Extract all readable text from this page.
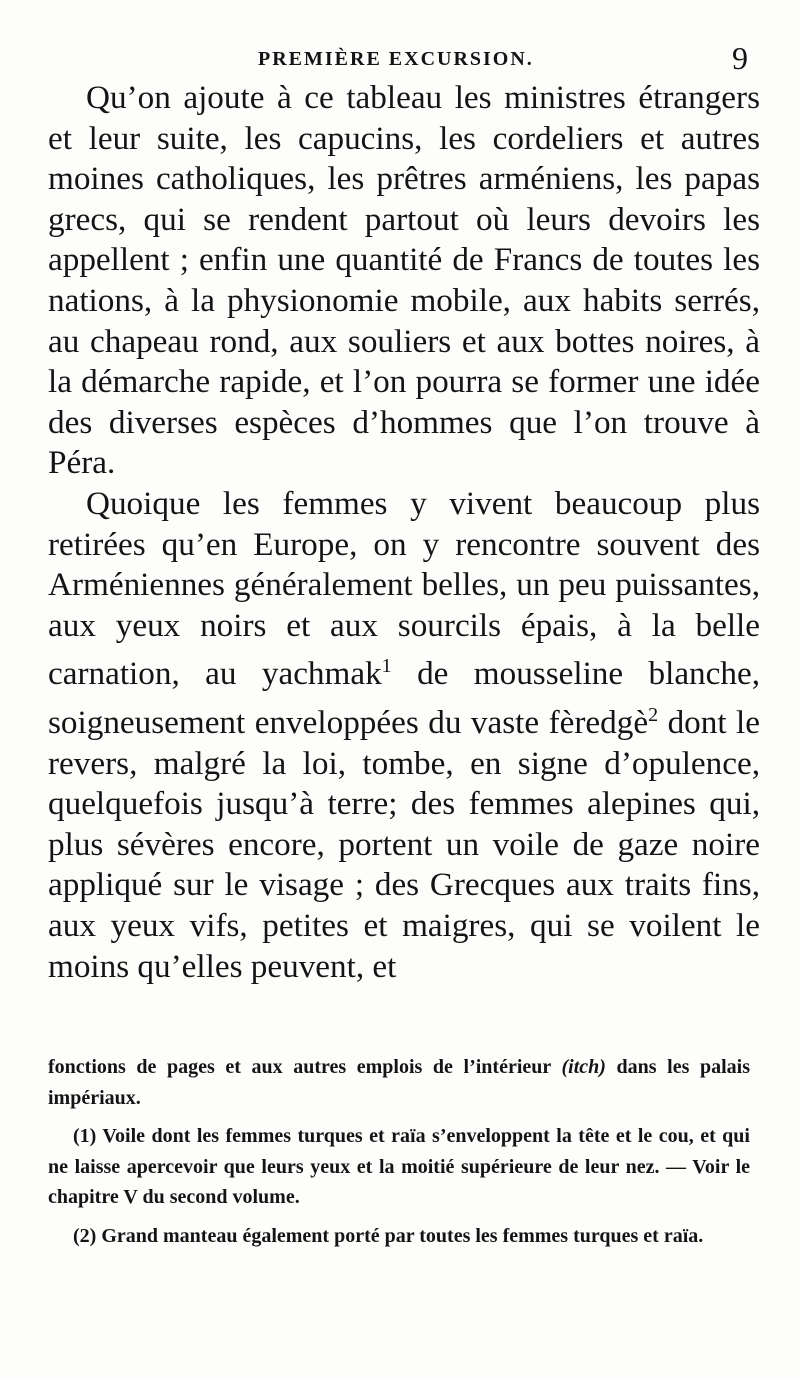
PREMIÈRE EXCURSION.	9

Qu’on ajoute à ce tableau les ministres étrangers et leur suite, les capucins, les cordeliers et autres moines catholiques, les prêtres arméniens, les papas grecs, qui se rendent partout où leurs devoirs les appellent ; enfin une quantité de Francs de toutes les nations, à la physionomie mobile, aux habits serrés, au chapeau rond, aux souliers et aux bottes noires, à la démarche rapide, et l’on pourra se former une idée des diverses espèces d’hommes que l’on trouve à Péra.

Quoique les femmes y vivent beaucoup plus retirées qu’en Europe, on y rencontre souvent des Arméniennes généralement belles, un peu puissantes, aux yeux noirs et aux sourcils épais, à la belle carnation, au yachmak$^1$ de mousseline blanche, soigneusement enveloppées du vaste fèredgè$^2$ dont le revers, malgré la loi, tombe, en signe d’opulence, quelquefois jusqu’à terre; des femmes alepines qui, plus sévères encore, portent un voile de gaze noire appliqué sur le visage ; des Grecques aux traits fins, aux yeux vifs, petites et maigres, qui se voilent le moins qu’elles peuvent, et

fonctions de pages et aux autres emplois de l’intérieur (itch) dans les palais impériaux.

(1) Voile dont les femmes turques et raïa s’enveloppent la tête et le cou, et qui ne laisse apercevoir que leurs yeux et la moitié supérieure de leur nez. — Voir le chapitre V du second volume.

(2) Grand manteau également porté par toutes les femmes turques et raïa.
